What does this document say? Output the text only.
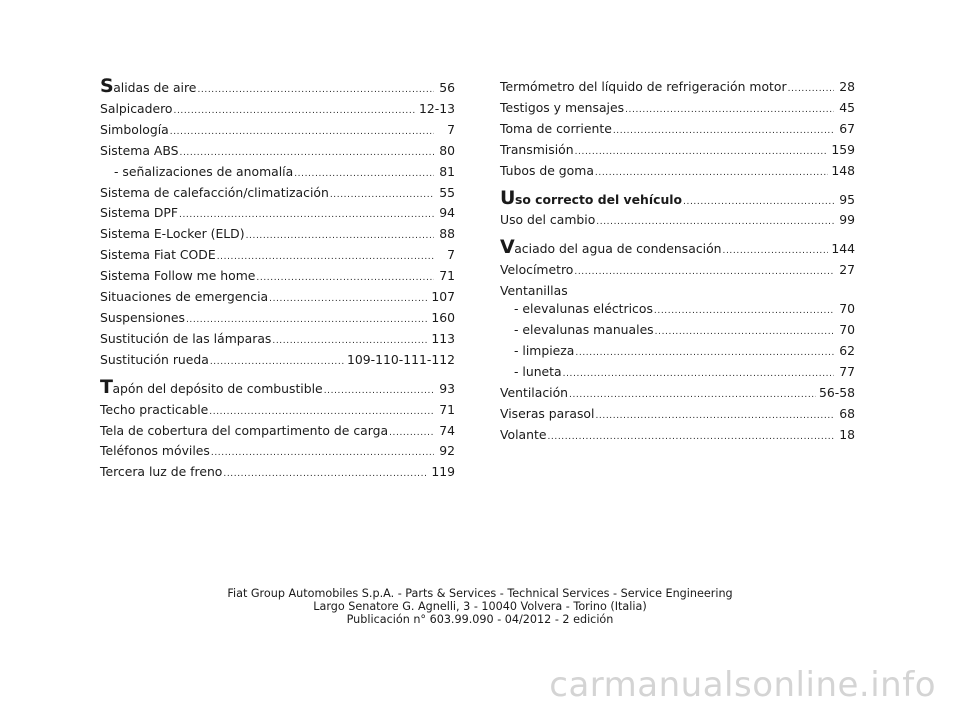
Salidas de aire .....	56
Salpicadero .....	12-13
Simbología .....	7
Sistema ABS .....	80
- señalizaciones de anomalía .....	81
Sistema de calefacción/climatización .....	55
Sistema DPF .....	94
Sistema E-Locker (ELD) .....	88
Sistema Fiat CODE .....	7
Sistema Follow me home .....	71
Situaciones de emergencia .....	107
Suspensiones .....	160
Sustitución de las lámparas .....	113
Sustitución rueda .....	109-110-111-112
Tapón del depósito de combustible .....	93
Techo practicable .....	71
Tela de cobertura del compartimento de carga .....	74
Teléfonos móviles .....	92
Tercera luz de freno .....	119
Termómetro del líquido de refrigeración motor .....	28
Testigos y mensajes .....	45
Toma de corriente .....	67
Transmisión .....	159
Tubos de goma .....	148
Uso correcto del vehículo .....	95
Uso del cambio .....	99
Vaciado del agua de condensación .....	144
Velocímetro .....	27
Ventanillas
- elevalunas eléctricos .....	70
- elevalunas manuales .....	70
- limpieza .....	62
- luneta .....	77
Ventilación .....	56-58
Viseras parasol .....	68
Volante .....	18
Fiat Group Automobiles S.p.A. - Parts & Services - Technical Services - Service Engineering
Largo Senatore G. Agnelli, 3 - 10040 Volvera - Torino (Italia)
Publicación n° 603.99.090 - 04/2012 - 2 edición
carmanualsonline.info
